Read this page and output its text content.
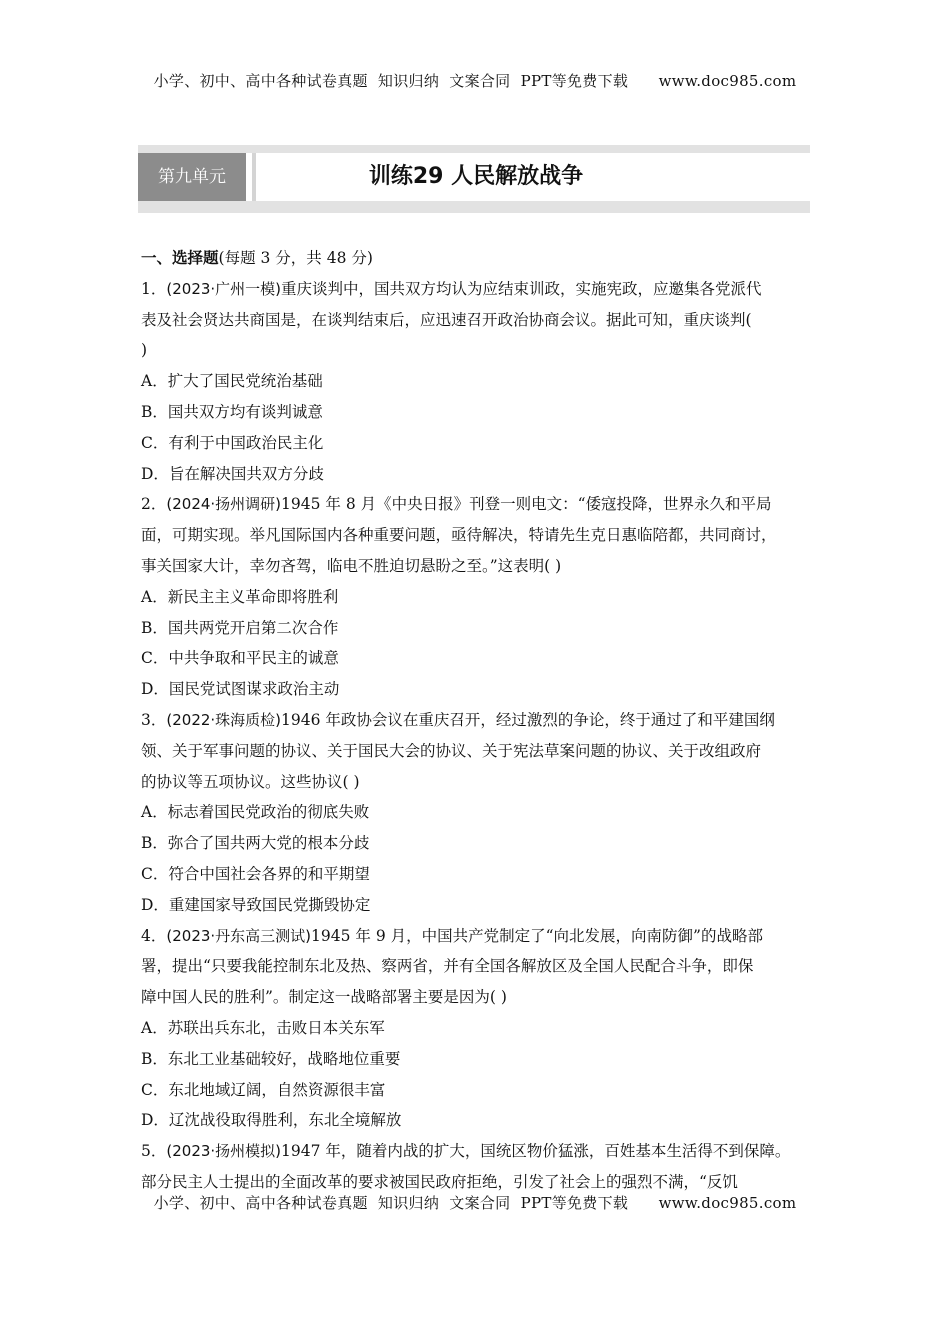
小学、初中、高中各种试卷真题  知识归纳  文案合同  PPT等免费下载      www.doc985.com
第九单元	训练29 人民解放战争
一、选择题(每题 3 分，共 48 分)
1．(2023·广州一模)重庆谈判中，国共双方均认为应结束训政，实施宪政，应邀集各党派代
表及社会贤达共商国是，在谈判结束后，应迅速召开政治协商会议。据此可知，重庆谈判(
)
A．扩大了国民党统治基础
B．国共双方均有谈判诚意
C．有利于中国政治民主化
D．旨在解决国共双方分歧
2．(2024·扬州调研)1945 年 8 月《中央日报》刊登一则电文：“倭寇投降，世界永久和平局
面，可期实现。举凡国际国内各种重要问题，亟待解决，特请先生克日惠临陪都，共同商讨，
事关国家大计，幸勿吝驾，临电不胜迫切悬盼之至。”这表明( )
A．新民主主义革命即将胜利
B．国共两党开启第二次合作
C．中共争取和平民主的诚意
D．国民党试图谋求政治主动
3．(2022·珠海质检)1946 年政协会议在重庆召开，经过激烈的争论，终于通过了和平建国纲
领、关于军事问题的协议、关于国民大会的协议、关于宪法草案问题的协议、关于改组政府
的协议等五项协议。这些协议( )
A．标志着国民党政治的彻底失败
B．弥合了国共两大党的根本分歧
C．符合中国社会各界的和平期望
D．重建国家导致国民党撕毁协定
4．(2023·丹东高三测试)1945 年 9 月，中国共产党制定了“向北发展，向南防御”的战略部
署，提出“只要我能控制东北及热、察两省，并有全国各解放区及全国人民配合斗争，即保
障中国人民的胜利”。制定这一战略部署主要是因为( )
A．苏联出兵东北，击败日本关东军
B．东北工业基础较好，战略地位重要
C．东北地域辽阔，自然资源很丰富
D．辽沈战役取得胜利，东北全境解放
5．(2023·扬州模拟)1947 年，随着内战的扩大，国统区物价猛涨，百姓基本生活得不到保障。
部分民主人士提出的全面改革的要求被国民政府拒绝，引发了社会上的强烈不满，“反饥
小学、初中、高中各种试卷真题  知识归纳  文案合同  PPT等免费下载      www.doc985.com
